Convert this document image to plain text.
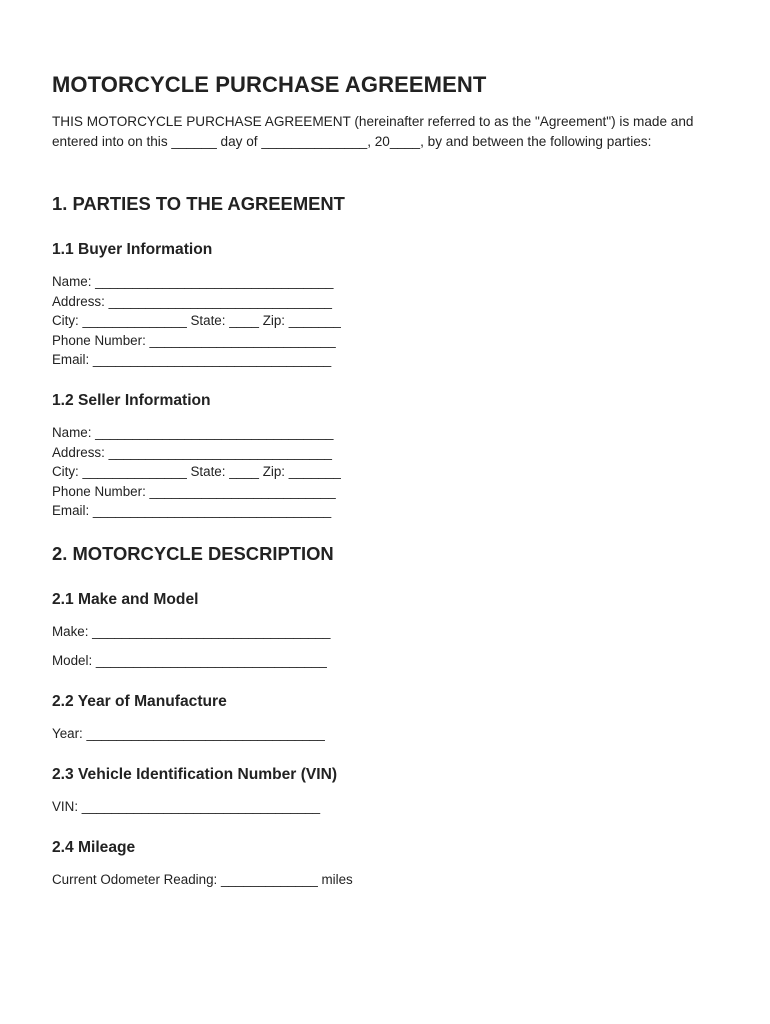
MOTORCYCLE PURCHASE AGREEMENT

THIS MOTORCYCLE PURCHASE AGREEMENT (hereinafter referred to as the "Agreement") is made and entered into on this ______ day of ______________, 20____, by and between the following parties:

1. PARTIES TO THE AGREEMENT
1.1 Buyer Information
Name: ________________________________
Address: ______________________________
City: ______________ State: ____ Zip: _______
Phone Number: _________________________
Email: ________________________________
1.2 Seller Information
Name: ________________________________
Address: ______________________________
City: ______________ State: ____ Zip: _______
Phone Number: _________________________
Email: ________________________________
2. MOTORCYCLE DESCRIPTION
2.1 Make and Model
Make: ________________________________
Model: _______________________________
2.2 Year of Manufacture
Year: ________________________________
2.3 Vehicle Identification Number (VIN)
VIN: ________________________________
2.4 Mileage
Current Odometer Reading: _____________ miles
